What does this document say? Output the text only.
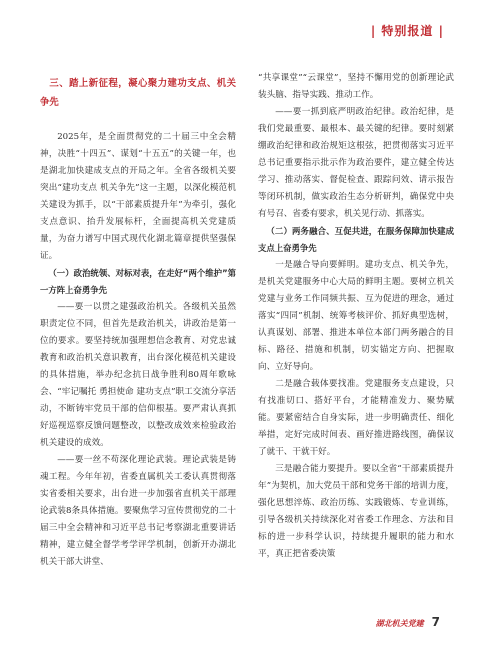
| 特别报道 |
三、踏上新征程，凝心聚力建功支点、机关争先

2025年，是全面贯彻党的二十届三中全会精神，决胜“十四五”、谋划“十五五”的关键一年，也是湖北加快建成支点的开局之年。全省各级机关要突出“建功支点 机关争先”这一主题，以深化模范机关建设为抓手，以“干部素质提升年”为牵引，强化支点意识、抬升发展标杆，全面提高机关党建质量，为奋力谱写中国式现代化湖北篇章提供坚强保证。

（一）政治统领、对标对表，在走好“两个维护”第一方阵上奋勇争先

——要一以贯之建强政治机关。各级机关虽然职责定位不同，但首先是政治机关，讲政治是第一位的要求。要坚持统加强理想信念教育、对党忠诚教育和政治机关意识教育，出台深化模范机关建设的具体措施，举办纪念抗日战争胜利80周年歌咏会、“牢记嘱托 勇担使命 建功支点”职工交流分享活动，不断铸牢党员干部的信仰根基。要严肃认真抓好巡视巡察反馈问题整改，以整改成效来检验政治机关建设的成效。

——要一丝不苟深化理论武装。理论武装是铸魂工程。今年年初，省委直属机关工委认真贯彻落实省委相关要求，出台进一步加强省直机关干部理论武装8条具体措施。要聚焦学习宣传贯彻党的二十届三中全会精神和习近平总书记考察湖北重要讲话精神，建立健全督学考学评学机制，创新开办湖北机关干部大讲堂、

“共享课堂”“云课堂”，坚持不懈用党的创新理论武装头脑、指导实践、推动工作。

——要一抓到底严明政治纪律。政治纪律，是我们党最重要、最根本、最关键的纪律。要时刻紧绷政治纪律和政治规矩这根弦，把贯彻落实习近平总书记重要指示批示作为政治要件，建立健全传达学习、推动落实、督促检查、跟踪问效、请示报告等闭环机制，做实政治生态分析研判，确保党中央有号召、省委有要求，机关见行动、抓落实。

（二）两务融合、互促共进，在服务保障加快建成支点上奋勇争先

一是融合导向要鲜明。建功支点、机关争先，是机关党建服务中心大局的鲜明主题。要树立机关党建与业务工作同频共振、互为促进的理念，通过落实“四同”机制、统筹考核评价、抓好典型选树，认真谋划、部署、推进本单位本部门两务融合的目标、路径、措施和机制，切实锚定方向、把握取向、立好导向。

二是融合载体要找准。党建服务支点建设，只有找准切口、搭好平台，才能精准发力、聚势赋能。要紧密结合自身实际，进一步明确责任、细化举措，定好完成时间表、画好推进路线图，确保议了就干、干就干好。

三是融合能力要提升。要以全省“干部素质提升年”为契机，加大党员干部和党务干部的培训力度，强化思想淬炼、政治历练、实践锻炼、专业训练，引导各级机关持续深化对省委工作理念、方法和目标的进一步科学认识，持续提升履职的能力和水平，真正把省委决策

湖北机关党建 7
